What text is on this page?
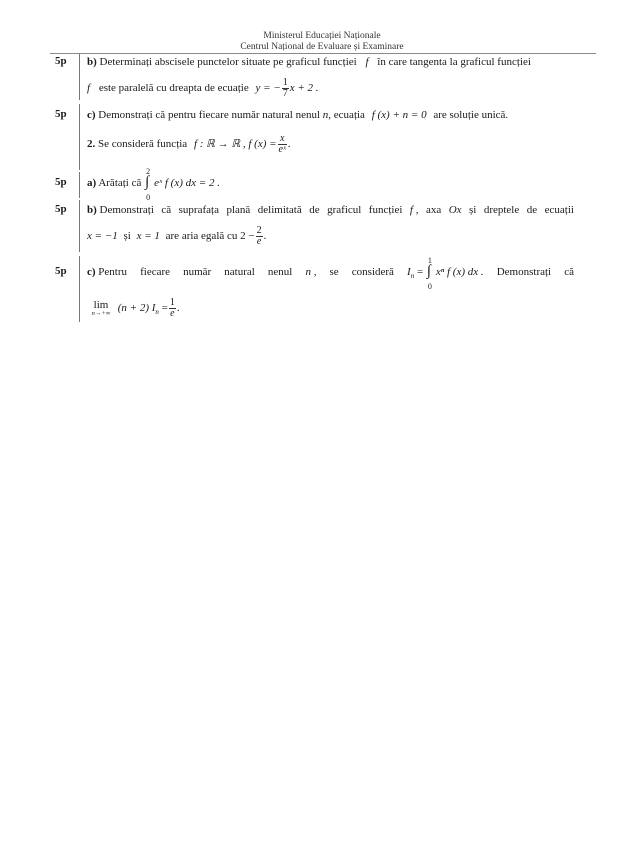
Ministerul Educației Naționale
Centrul Național de Evaluare și Examinare
5p b) Determinați abscisele punctelor situate pe graficul funcției f în care tangenta la graficul funcției
f este paralelă cu dreapta de ecuație y = − $\frac{1}{7}$ x + 2 .
5p c) Demonstrați că pentru fiecare număr natural nenul n, ecuația f (x) + n = 0 are soluție unică.
2. Se consideră funcția f : ℝ → ℝ , f $(x) = \frac{x}{\text{eˣ}}$ .
5p a) Arătați că ∫
2
0
eˣ f (x) dx = 2 .
5p b) Demonstrați că suprafața plană delimitată de graficul funcției f , axa Ox și dreptele de ecuații
x = −1 și x = 1 are aria egală cu $2 - \frac{2}{e}$ .
5p c) Pentru fiecare număr natural nenul n , se consideră $I_n$ = ∫
1
0
xⁿ f (x) dx . Demonstrați că
lim
n→+∞ (n + 2) $I_n = \frac{1}{e}$ .
